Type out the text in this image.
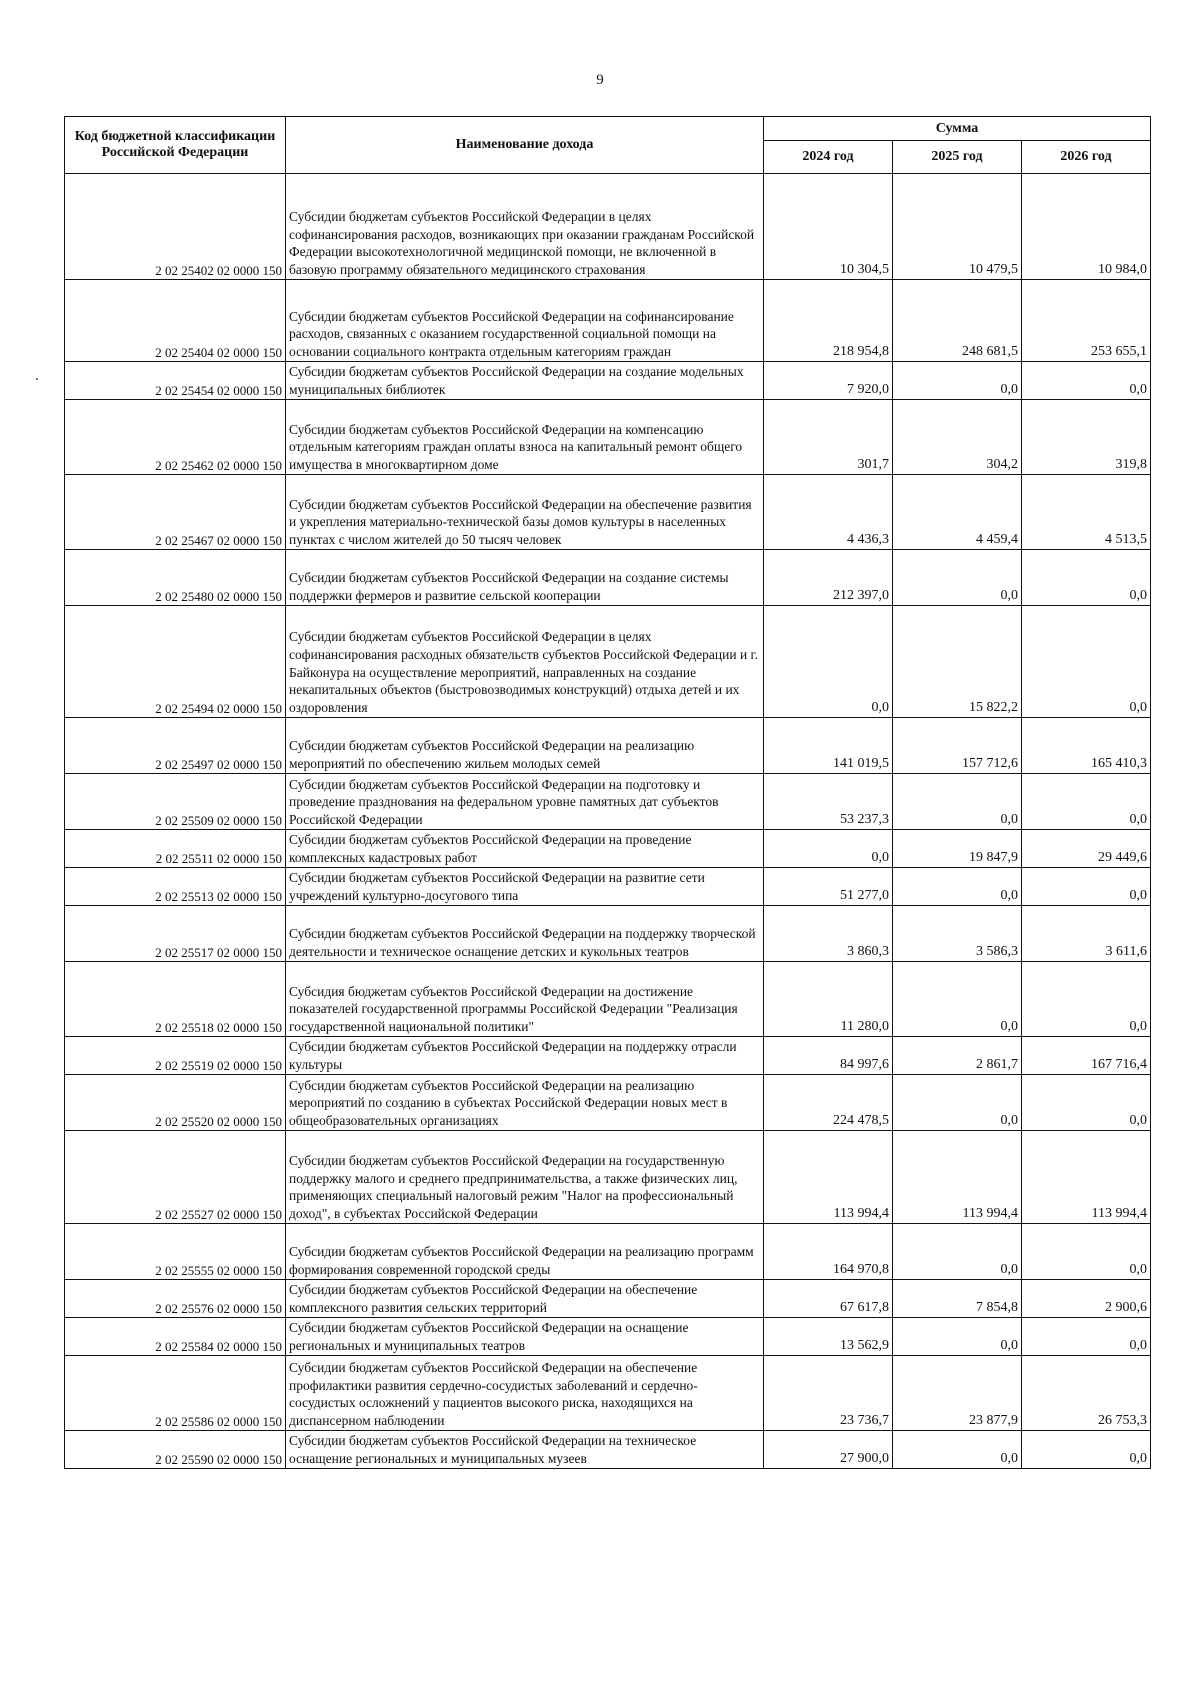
9
Код бюджетной классификации Российской Федерации	Наименование дохода	Сумма		
		2024 год	2025 год	2026 год
2 02 25402 02 0000 150	Субсидии бюджетам субъектов Российской Федерации в целях софинансирования расходов, возникающих при оказании гражданам Российской Федерации высокотехнологичной медицинской помощи, не включенной в базовую программу обязательного медицинского страхования	10 304,5	10 479,5	10 984,0
2 02 25404 02 0000 150	Субсидии бюджетам субъектов Российской Федерации на софинансирование расходов, связанных с оказанием государственной социальной помощи на основании социального контракта отдельным категориям граждан	218 954,8	248 681,5	253 655,1
2 02 25454 02 0000 150	Субсидии бюджетам субъектов Российской Федерации на создание модельных муниципальных библиотек	7 920,0	0,0	0,0
2 02 25462 02 0000 150	Субсидии бюджетам субъектов Российской Федерации на компенсацию отдельным категориям граждан оплаты взноса на капитальный ремонт общего имущества в многоквартирном доме	301,7	304,2	319,8
2 02 25467 02 0000 150	Субсидии бюджетам субъектов Российской Федерации на обеспечение развития и укрепления материально-технической базы домов культуры в населенных пунктах с числом жителей до 50 тысяч человек	4 436,3	4 459,4	4 513,5
2 02 25480 02 0000 150	Субсидии бюджетам субъектов Российской Федерации на создание системы поддержки фермеров и развитие сельской кооперации	212 397,0	0,0	0,0
2 02 25494 02 0000 150	Субсидии бюджетам субъектов Российской Федерации в целях софинансирования расходных обязательств субъектов Российской Федерации и г. Байконура на осуществление мероприятий, направленных на создание некапитальных объектов (быстровозводимых конструкций) отдыха детей и их оздоровления	0,0	15 822,2	0,0
2 02 25497 02 0000 150	Субсидии бюджетам субъектов Российской Федерации на реализацию мероприятий по обеспечению жильем молодых семей	141 019,5	157 712,6	165 410,3
2 02 25509 02 0000 150	Субсидии бюджетам субъектов Российской Федерации на подготовку и проведение празднования на федеральном уровне памятных дат субъектов Российской Федерации	53 237,3	0,0	0,0
2 02 25511 02 0000 150	Субсидии бюджетам субъектов Российской Федерации на проведение комплексных кадастровых работ	0,0	19 847,9	29 449,6
2 02 25513 02 0000 150	Субсидии бюджетам субъектов Российской Федерации на развитие сети учреждений культурно-досугового типа	51 277,0	0,0	0,0
2 02 25517 02 0000 150	Субсидии бюджетам субъектов Российской Федерации на поддержку творческой деятельности и техническое оснащение детских и кукольных театров	3 860,3	3 586,3	3 611,6
2 02 25518 02 0000 150	Субсидия бюджетам субъектов Российской Федерации на достижение показателей государственной программы Российской Федерации "Реализация государственной национальной политики"	11 280,0	0,0	0,0
2 02 25519 02 0000 150	Субсидии бюджетам субъектов Российской Федерации на поддержку отрасли культуры	84 997,6	2 861,7	167 716,4
2 02 25520 02 0000 150	Субсидии бюджетам субъектов Российской Федерации на реализацию мероприятий по созданию в субъектах Российской Федерации новых мест в общеобразовательных организациях	224 478,5	0,0	0,0
2 02 25527 02 0000 150	Субсидии бюджетам субъектов Российской Федерации на государственную поддержку малого и среднего предпринимательства, а также физических лиц, применяющих специальный налоговый режим "Налог на профессиональный доход", в субъектах Российской Федерации	113 994,4	113 994,4	113 994,4
2 02 25555 02 0000 150	Субсидии бюджетам субъектов Российской Федерации на реализацию программ формирования современной городской среды	164 970,8	0,0	0,0
2 02 25576 02 0000 150	Субсидии бюджетам субъектов Российской Федерации на обеспечение комплексного развития сельских территорий	67 617,8	7 854,8	2 900,6
2 02 25584 02 0000 150	Субсидии бюджетам субъектов Российской Федерации на оснащение региональных и муниципальных театров	13 562,9	0,0	0,0
2 02 25586 02 0000 150	Субсидии бюджетам субъектов Российской Федерации на обеспечение профилактики развития сердечно-сосудистых заболеваний и сердечно-сосудистых осложнений у пациентов высокого риска, находящихся на диспансерном наблюдении	23 736,7	23 877,9	26 753,3
2 02 25590 02 0000 150	Субсидии бюджетам субъектов Российской Федерации на техническое оснащение региональных и муниципальных музеев	27 900,0	0,0	0,0
